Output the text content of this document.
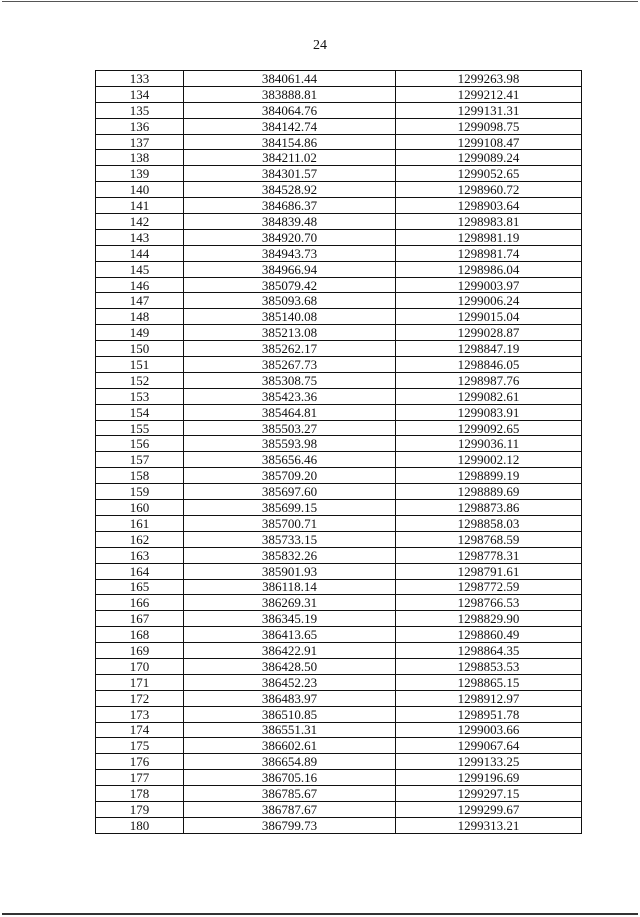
24
133	384061.44	1299263.98
134	383888.81	1299212.41
135	384064.76	1299131.31
136	384142.74	1299098.75
137	384154.86	1299108.47
138	384211.02	1299089.24
139	384301.57	1299052.65
140	384528.92	1298960.72
141	384686.37	1298903.64
142	384839.48	1298983.81
143	384920.70	1298981.19
144	384943.73	1298981.74
145	384966.94	1298986.04
146	385079.42	1299003.97
147	385093.68	1299006.24
148	385140.08	1299015.04
149	385213.08	1299028.87
150	385262.17	1298847.19
151	385267.73	1298846.05
152	385308.75	1298987.76
153	385423.36	1299082.61
154	385464.81	1299083.91
155	385503.27	1299092.65
156	385593.98	1299036.11
157	385656.46	1299002.12
158	385709.20	1298899.19
159	385697.60	1298889.69
160	385699.15	1298873.86
161	385700.71	1298858.03
162	385733.15	1298768.59
163	385832.26	1298778.31
164	385901.93	1298791.61
165	386118.14	1298772.59
166	386269.31	1298766.53
167	386345.19	1298829.90
168	386413.65	1298860.49
169	386422.91	1298864.35
170	386428.50	1298853.53
171	386452.23	1298865.15
172	386483.97	1298912.97
173	386510.85	1298951.78
174	386551.31	1299003.66
175	386602.61	1299067.64
176	386654.89	1299133.25
177	386705.16	1299196.69
178	386785.67	1299297.15
179	386787.67	1299299.67
180	386799.73	1299313.21
